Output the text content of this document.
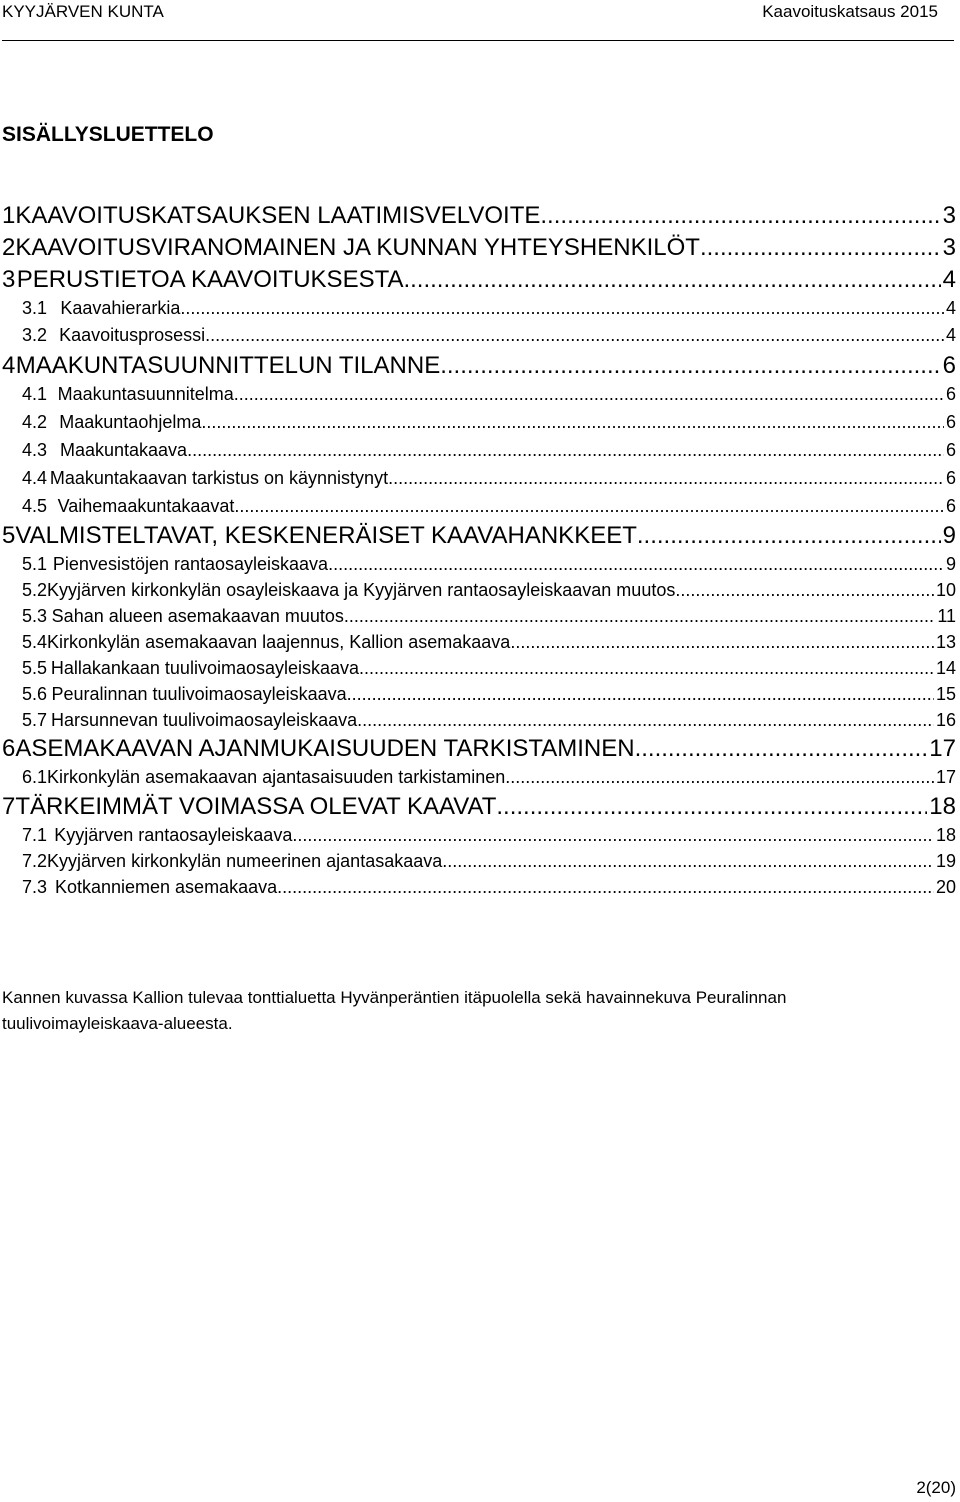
KYYJÄRVEN KUNTA	Kaavoituskatsaus 2015
SISÄLLYSLUETTELO
1 KAAVOITUSKATSAUKSEN LAATIMISVELVOITE .....	3
2 KAAVOITUSVIRANOMAINEN JA KUNNAN YHTEYSHENKILÖT .....	3
3 PERUSTIETOA KAAVOITUKSESTA .....	4
3.1 Kaavahierarkia .....	4
3.2 Kaavoitusprosessi .....	4
4 MAAKUNTASUUNNITTELUN TILANNE .....	6
4.1 Maakuntasuunnitelma .....	6
4.2 Maakuntaohjelma .....	6
4.3 Maakuntakaava .....	6
4.4 Maakuntakaavan tarkistus on käynnistynyt .....	6
4.5 Vaihemaakuntakaavat .....	6
5 VALMISTELTAVAT, KESKENERÄISET KAAVAHANKKEET .....	9
5.1 Pienvesistöjen rantaosayleiskaava .....	9
5.2 Kyyjärven kirkonkylän osayleiskaava ja Kyyjärven rantaosayleiskaavan muutos .....	10
5.3 Sahan alueen asemakaavan muutos .....	11
5.4 Kirkonkylän asemakaavan laajennus, Kallion asemakaava .....	13
5.5 Hallakankaan tuulivoimaosayleiskaava .....	14
5.6 Peuralinnan tuulivoimaosayleiskaava .....	15
5.7 Harsunnevan tuulivoimaosayleiskaava .....	16
6 ASEMAKAAVAN AJANMUKAISUUDEN TARKISTAMINEN .....	17
6.1 Kirkonkylän asemakaavan ajantasaisuuden tarkistaminen .....	17
7 TÄRKEIMMÄT VOIMASSA OLEVAT KAAVAT .....	18
7.1 Kyyjärven rantaosayleiskaava .....	18
7.2 Kyyjärven kirkonkylän numeerinen ajantasakaava .....	19
7.3 Kotkanniemen asemakaava .....	20
Kannen kuvassa Kallion tulevaa tonttialuetta Hyvänperäntien itäpuolella sekä havainnekuva Peuralinnan tuulivoimayleiskaava-alueesta.
2(20)
